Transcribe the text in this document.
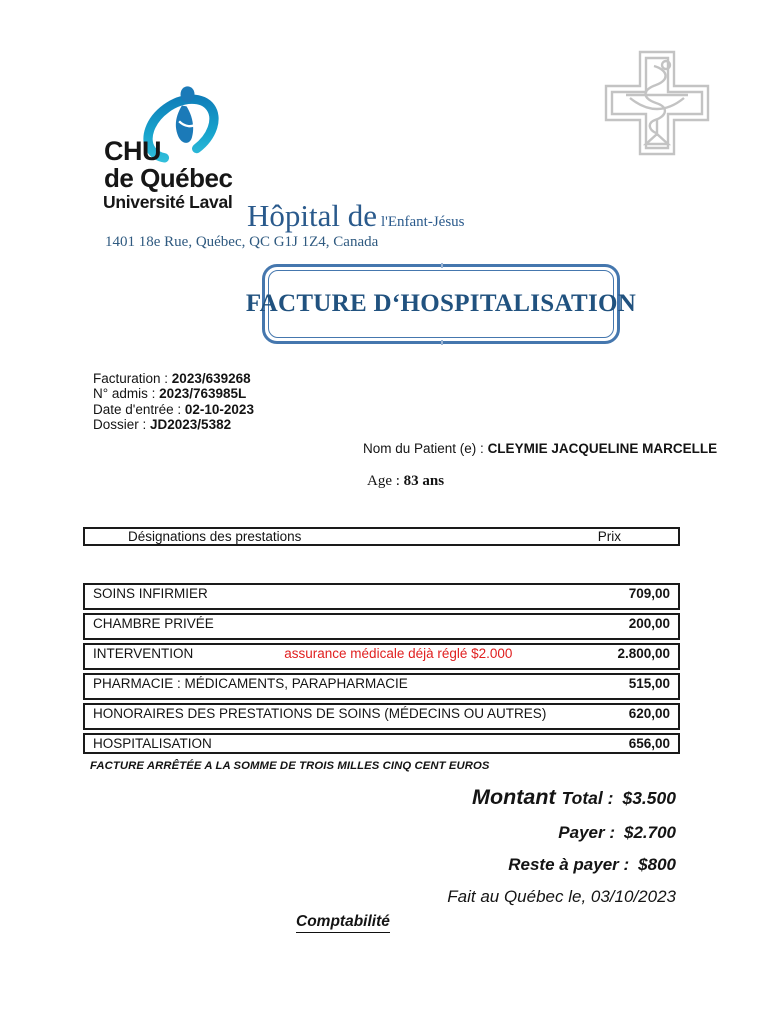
CHU
de Québec
Université Laval Hôpital de l'Enfant-Jésus
1401 18e Rue, Québec, QC G1J 1Z4, Canada
FACTURE D‘HOSPITALISATION
Facturation : 2023/639268
N° admis : 2023/763985L
Date d'entrée : 02-10-2023
Dossier : JD2023/5382
Nom du Patient (e) : CLEYMIE JACQUELINE MARCELLE
Age : 83 ans
Désignations des prestations	Prix
SOINS INFIRMIER	709,00
CHAMBRE PRIVÉE	200,00
INTERVENTION	assurance médicale déjà réglé $2.000	2.800,00
PHARMACIE : MÉDICAMENTS, PARAPHARMACIE	515,00
HONORAIRES DES PRESTATIONS DE SOINS (MÉDECINS OU AUTRES)	620,00
HOSPITALISATION	656,00
FACTURE ARRÊTÉE A LA SOMME DE TROIS MILLES CINQ CENT EUROS
Montant Total : $3.500
Payer : $2.700
Reste à payer : $800
Fait au Québec le, 03/10/2023
Comptabilité
